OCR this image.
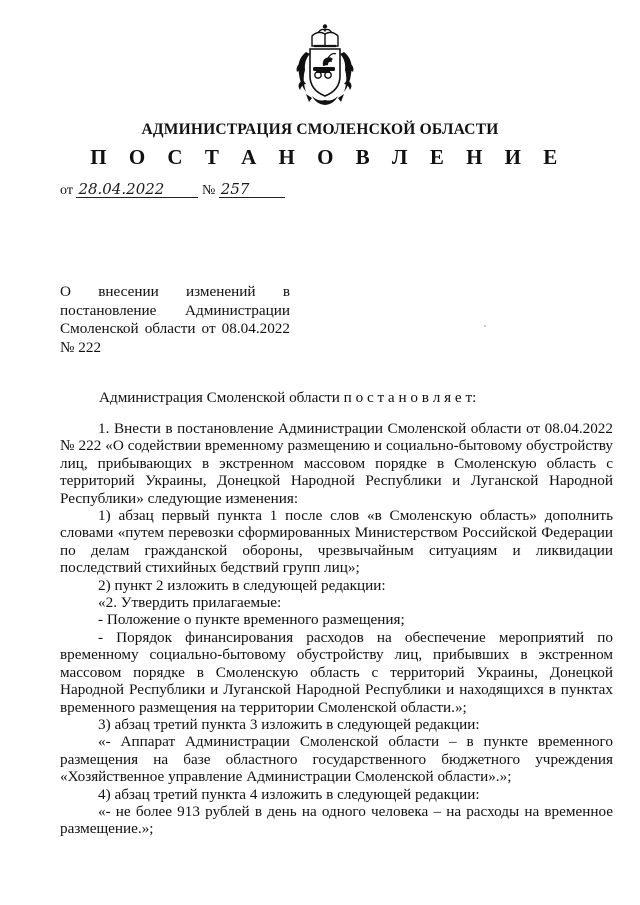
АДМИНИСТРАЦИЯ СМОЛЕНСКОЙ ОБЛАСТИ
П О С Т А Н О В Л Е Н И Е
от 28.04.2022	№ 257
О внесении изменений в постановление Администрации Смоленской области от 08.04.2022 № 222
Администрация Смоленской области п о с т а н о в л я е т:

1. Внести в постановление Администрации Смоленской области от 08.04.2022 № 222 «О содействии временному размещению и социально-бытовому обустройству лиц, прибывающих в экстренном массовом порядке в Смоленскую область с территорий Украины, Донецкой Народной Республики и Луганской Народной Республики» следующие изменения:

1) абзац первый пункта 1 после слов «в Смоленскую область» дополнить словами «путем перевозки сформированных Министерством Российской Федерации по делам гражданской обороны, чрезвычайным ситуациям и ликвидации последствий стихийных бедствий групп лиц»;

2) пункт 2 изложить в следующей редакции:

«2. Утвердить прилагаемые:

- Положение о пункте временного размещения;

- Порядок финансирования расходов на обеспечение мероприятий по временному социально-бытовому обустройству лиц, прибывших в экстренном массовом порядке в Смоленскую область с территорий Украины, Донецкой Народной Республики и Луганской Народной Республики и находящихся в пунктах временного размещения на территории Смоленской области.»;

3) абзац третий пункта 3 изложить в следующей редакции:

«- Аппарат Администрации Смоленской области – в пункте временного размещения на базе областного государственного бюджетного учреждения «Хозяйственное управление Администрации Смоленской области».»;

4) абзац третий пункта 4 изложить в следующей редакции:

«- не более 913 рублей в день на одного человека – на расходы на временное размещение.»;
